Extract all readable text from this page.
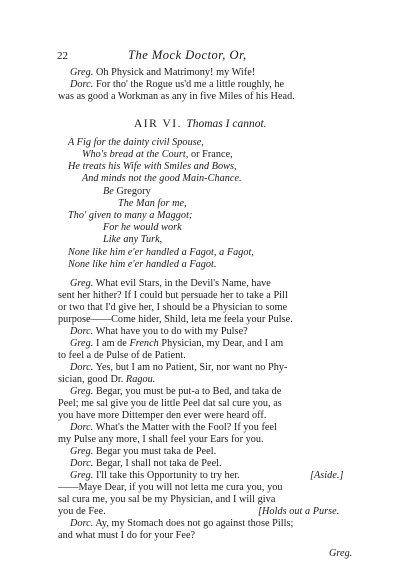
22	The Mock Doctor, Or,
Greg. Oh Physick and Matrimony! my Wife!
Dorc. For tho' the Rogue us'd me a little roughly, he
was as good a Workman as any in five Miles of his Head.
AIR VI. Thomas I cannot.
A Fig for the dainty civil Spouse,
Who's bread at the Court, or France,
He treats his Wife with Smiles and Bows,
And minds not the good Main-Chance.
Be Gregory
The Man for me,
Tho' given to many a Maggot;
For he would work
Like any Turk,
None like him e'er handled a Fagot, a Fagot,
None like him e'er handled a Fagot.
Greg. What evil Stars, in the Devil's Name, have
sent her hither? If I could but persuade her to take a Pill
or two that I'd give her, I should be a Physician to some
purpose——Come hider, Shild, leta me feela your Pulse.
Dorc. What have you to do with my Pulse?
Greg. I am de French Physician, my Dear, and I am
to feel a de Pulse of de Patient.
Dorc. Yes, but I am no Patient, Sir, nor want no Phy-
sician, good Dr. Ragou.
Greg. Begar, you must be put-a to Bed, and taka de
Peel; me sal give you de little Peel dat sal cure you, as
you have more Dittemper den ever were heard off.
Dorc. What's the Matter with the Fool? If you feel
my Pulse any more, I shall feel your Ears for you.
Greg. Begar you must taka de Peel.
Dorc. Begar, I shall not taka de Peel.
Greg. I'll take this Opportunity to try her.	[Aside.]
——Maye Dear, if you will not letta me cura you, you
sal cura me, you sal be my Physician, and I will giva
you de Fee.	[Holds out a Purse.
Dorc. Ay, my Stomach does not go against those Pills;
and what must I do for your Fee?
Greg.
